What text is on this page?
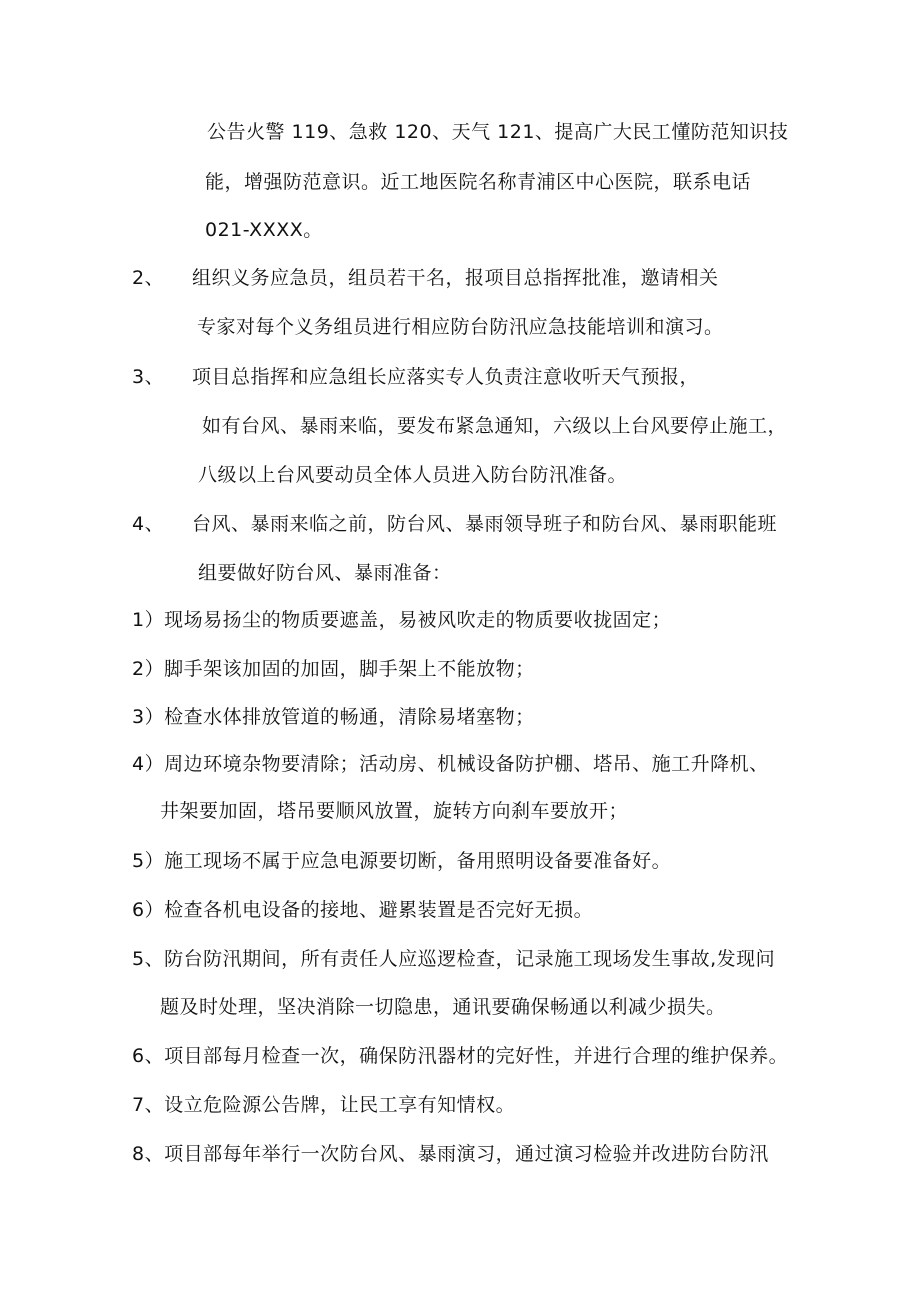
公告火警 119、急救 120、天气 121、提高广大民工懂防范知识技
能，增强防范意识。近工地医院名称青浦区中心医院，联系电话
021-XXXX。
2、 组织义务应急员，组员若干名，报项目总指挥批准，邀请相关
专家对每个义务组员进行相应防台防汛应急技能培训和演习。
3、 项目总指挥和应急组长应落实专人负责注意收听天气预报，
如有台风、暴雨来临，要发布紧急通知，六级以上台风要停止施工，
八级以上台风要动员全体人员进入防台防汛准备。
4、 台风、暴雨来临之前，防台风、暴雨领导班子和防台风、暴雨职能班
组要做好防台风、暴雨准备：
1）现场易扬尘的物质要遮盖，易被风吹走的物质要收拢固定；
2）脚手架该加固的加固，脚手架上不能放物；
3）检查水体排放管道的畅通，清除易堵塞物；
4）周边环境杂物要清除；活动房、机械设备防护棚、塔吊、施工升降机、
井架要加固，塔吊要顺风放置，旋转方向刹车要放开；
5）施工现场不属于应急电源要切断，备用照明设备要准备好。
6）检查各机电设备的接地、避累装置是否完好无损。
5、防台防汛期间，所有责任人应巡逻检查，记录施工现场发生事故,发现问
题及时处理，坚决消除一切隐患，通讯要确保畅通以利减少损失。
6、项目部每月检查一次，确保防汛器材的完好性，并进行合理的维护保养。
7、设立危险源公告牌，让民工享有知情权。
8、项目部每年举行一次防台风、暴雨演习，通过演习检验并改进防台防汛
